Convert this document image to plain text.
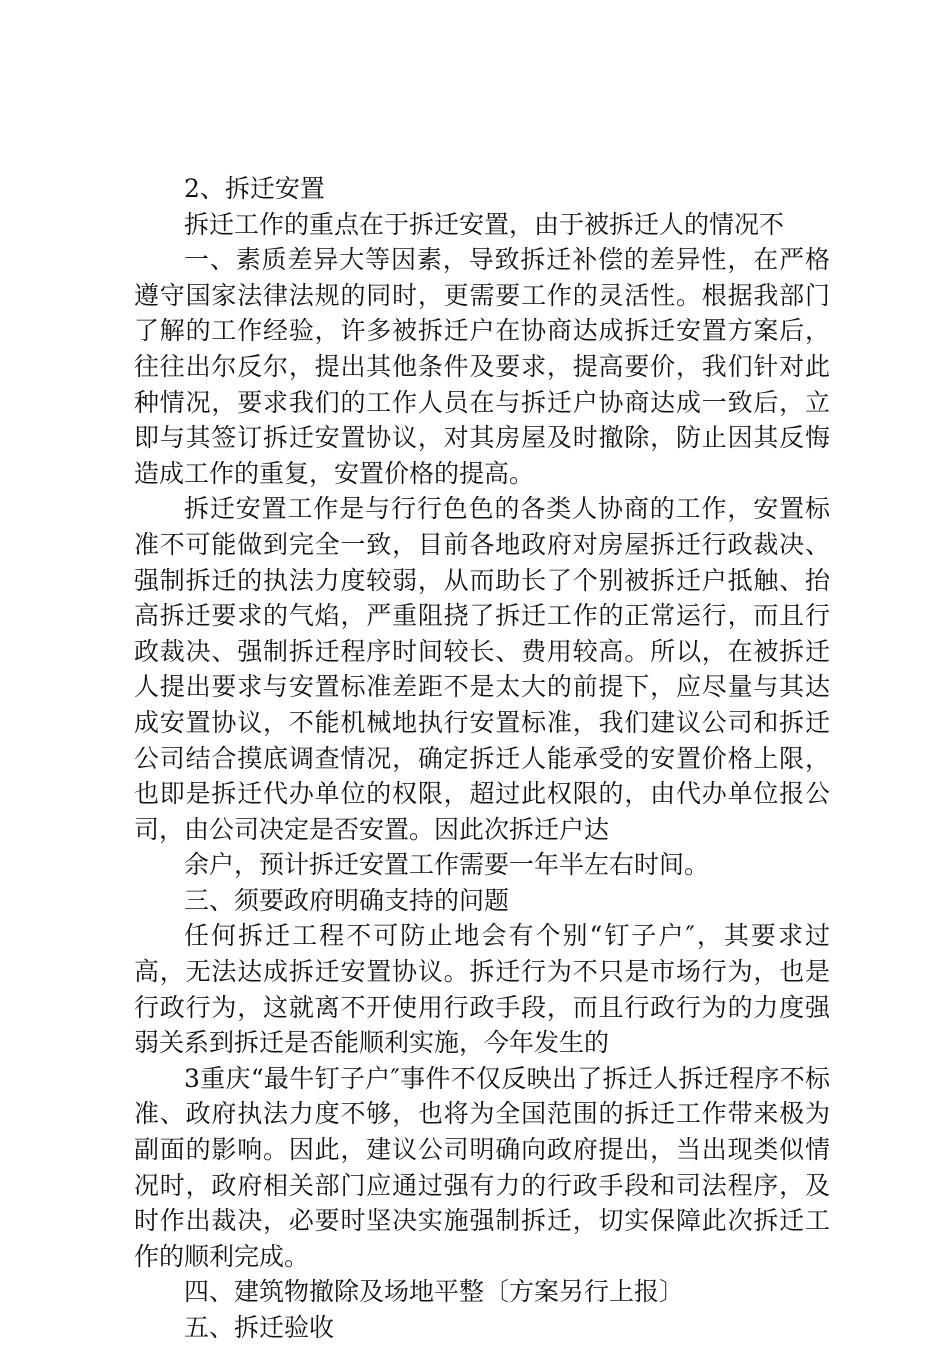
2、拆迁安置

拆迁工作的重点在于拆迁安置，由于被拆迁人的情况不

一、素质差异大等因素，导致拆迁补偿的差异性，在严格遵守国家法律法规的同时，更需要工作的灵活性。根据我部门了解的工作经验，许多被拆迁户在协商达成拆迁安置方案后，往往出尔反尔，提出其他条件及要求，提高要价，我们针对此种情况，要求我们的工作人员在与拆迁户协商达成一致后，立即与其签订拆迁安置协议，对其房屋及时撤除，防止因其反悔造成工作的重复，安置价格的提高。

拆迁安置工作是与行行色色的各类人协商的工作，安置标准不可能做到完全一致，目前各地政府对房屋拆迁行政裁决、强制拆迁的执法力度较弱，从而助长了个别被拆迁户抵触、抬高拆迁要求的气焰，严重阻挠了拆迁工作的正常运行，而且行政裁决、强制拆迁程序时间较长、费用较高。所以，在被拆迁人提出要求与安置标准差距不是太大的前提下，应尽量与其达成安置协议，不能机械地执行安置标准，我们建议公司和拆迁公司结合摸底调查情况，确定拆迁人能承受的安置价格上限，也即是拆迁代办单位的权限，超过此权限的，由代办单位报公司，由公司决定是否安置。因此次拆迁户达

余户，预计拆迁安置工作需要一年半左右时间。

三、须要政府明确支持的问题

任何拆迁工程不可防止地会有个别“钉子户″，其要求过高，无法达成拆迁安置协议。拆迁行为不只是市场行为，也是行政行为，这就离不开使用行政手段，而且行政行为的力度强弱关系到拆迁是否能顺利实施，今年发生的

3重庆“最牛钉子户″事件不仅反映出了拆迁人拆迁程序不标准、政府执法力度不够，也将为全国范围的拆迁工作带来极为副面的影响。因此，建议公司明确向政府提出，当出现类似情况时，政府相关部门应通过强有力的行政手段和司法程序，及时作出裁决，必要时坚决实施强制拆迁，切实保障此次拆迁工作的顺利完成。

四、建筑物撤除及场地平整〔方案另行上报〕

五、拆迁验收
